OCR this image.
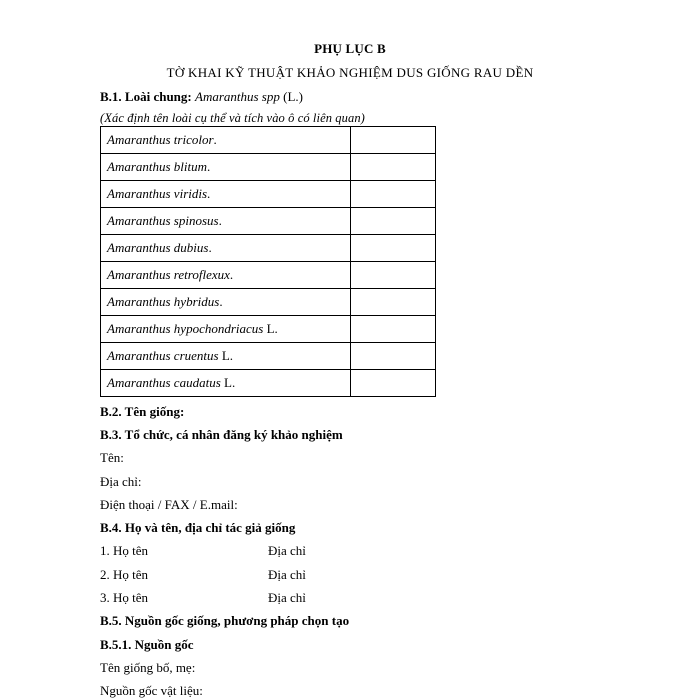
PHỤ LỤC B
TỜ KHAI KỸ THUẬT KHẢO NGHIỆM DUS GIỐNG RAU DỀN
B.1. Loài chung: Amaranthus spp (L.)
(Xác định tên loài cụ thể và tích vào ô có liên quan)
Amaranthus tricolor.	
Amaranthus blitum.	
Amaranthus viridis.	
Amaranthus spinosus.	
Amaranthus dubius.	
Amaranthus retroflexux.	
Amaranthus hybridus.	
Amaranthus hypochondriacus L.	
Amaranthus cruentus L.	
Amaranthus caudatus L.	
B.2. Tên giống:
B.3. Tổ chức, cá nhân đăng ký khảo nghiệm
Tên:
Địa chỉ:
Điện thoại / FAX / E.mail:
B.4. Họ và tên, địa chỉ tác giả giống
1. Họ tên	Địa chỉ
2. Họ tên	Địa chỉ
3. Họ tên	Địa chỉ
B.5. Nguồn gốc giống, phương pháp chọn tạo
B.5.1. Nguồn gốc
Tên giống bố, mẹ:
Nguồn gốc vật liệu:
